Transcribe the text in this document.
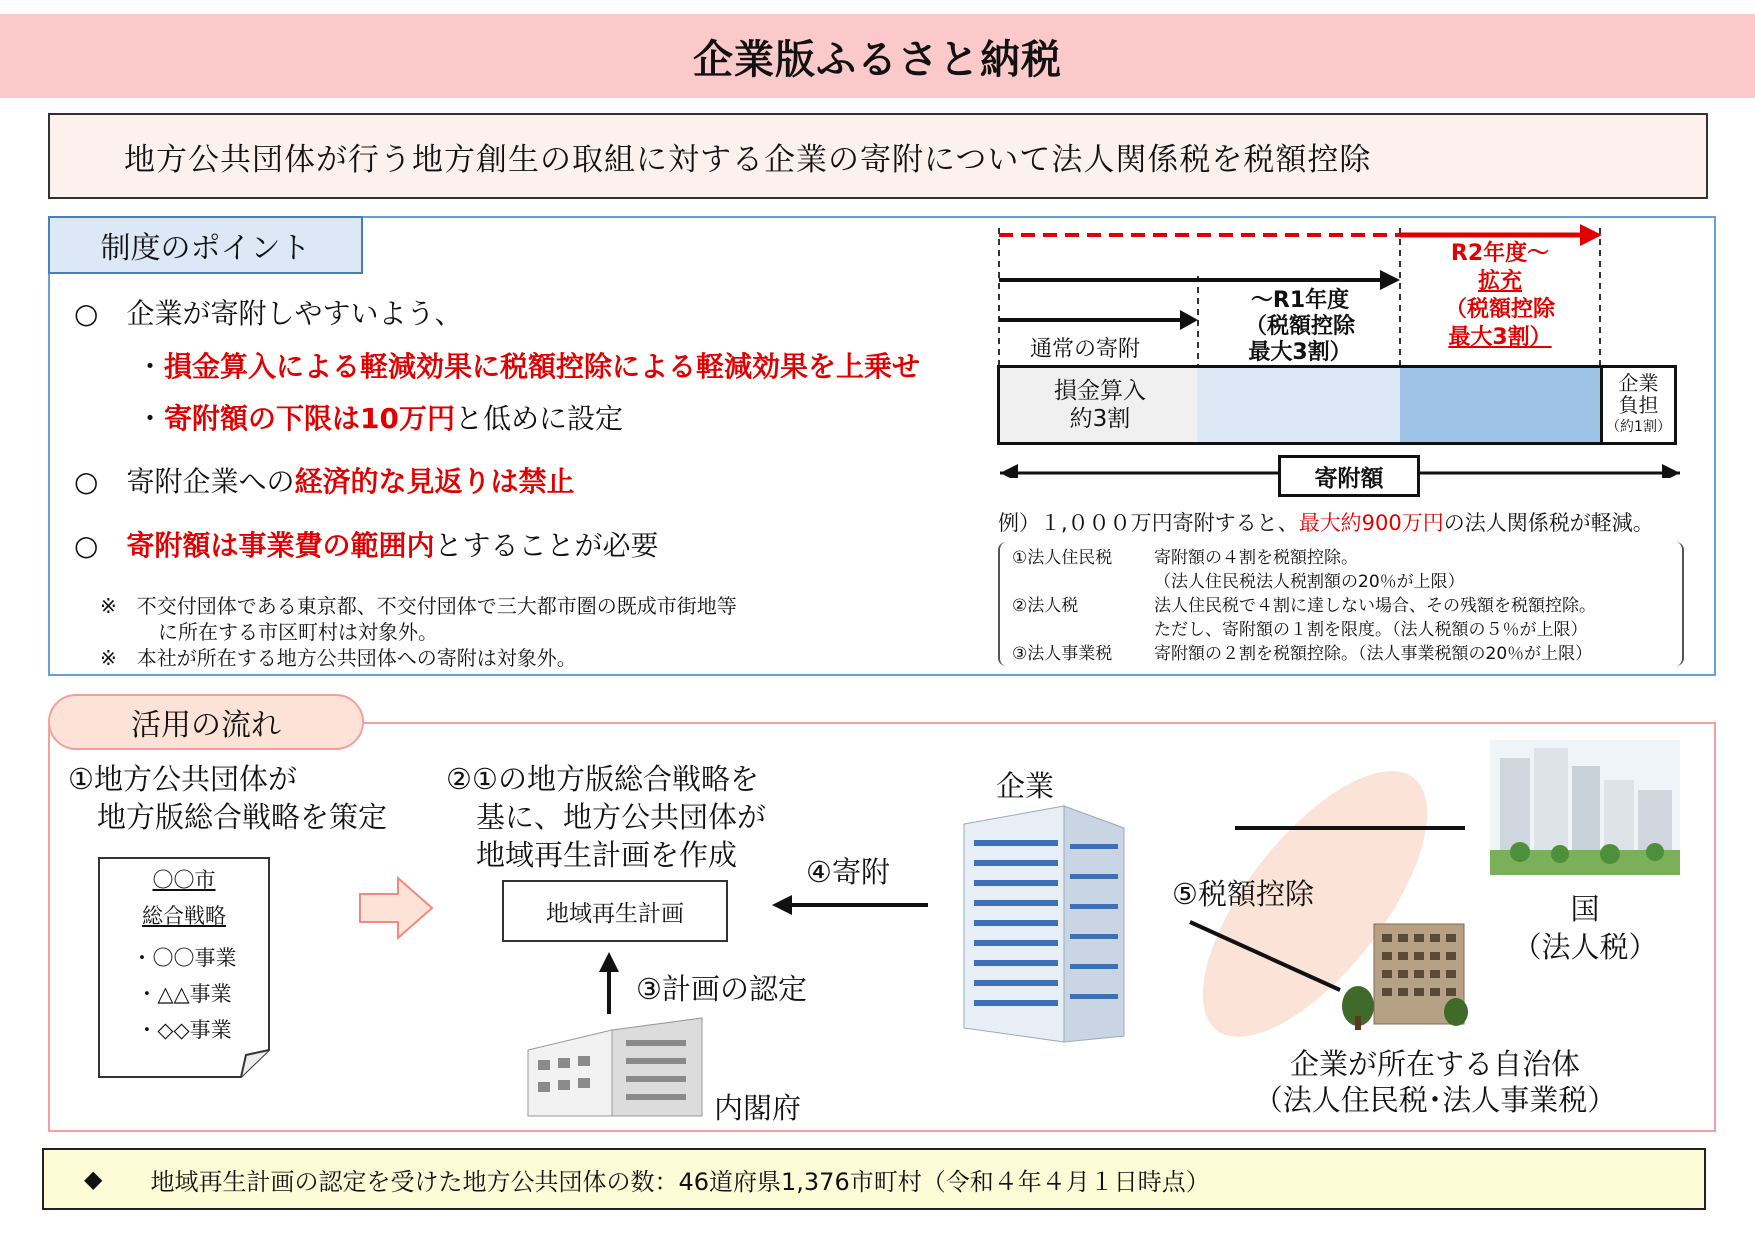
企業版ふるさと納税
地方公共団体が行う地方創生の取組に対する企業の寄附について法人関係税を税額控除
制度のポイント
○　 企業が寄附しやすいよう、
・損金算入による軽減効果に税額控除による軽減効果を上乗せ
・寄附額の下限は10万円と低めに設定
○　 寄附企業への経済的な見返りは禁止
○　 寄附額は事業費の範囲内とすることが必要
※　不交付団体である東京都、不交付団体で三大都市圏の既成市街地等
に所在する市区町村は対象外。
※　本社が所在する地方公共団体への寄附は対象外。
通常の寄附
～R1年度
（税額控除
最大3割）
R2年度～
拡充
（税額控除
最大3割）
損金算入
約3割
企業
負担
（約1割）
寄附額
例）１,０００万円寄附すると、最大約900万円の法人関係税が軽減。
①法人住民税 寄附額の４割を税額控除。
（法人住民税法人税割額の20％が上限）
②法人税	法人住民税で４割に達しない場合、その残額を税額控除。
ただし、寄附額の１割を限度。（法人税額の５％が上限）
③法人事業税 寄附額の２割を税額控除。（法人事業税額の20％が上限）
活用の流れ
①地方公共団体が
　地方版総合戦略を策定
〇〇市
総合戦略
・〇〇事業
・△△事業
・◇◇事業
②①の地方版総合戦略を
基に、地方公共団体が
地域再生計画を作成
地域再生計画
④寄附
③計画の認定
内閣府
企業
⑤税額控除	国
（法人税）
企業が所在する自治体
（法人住民税･法人事業税）
◆
　　 地域再生計画の認定を受けた地方公共団体の数：46道府県1,376市町村（令和４年４月１日時点）
